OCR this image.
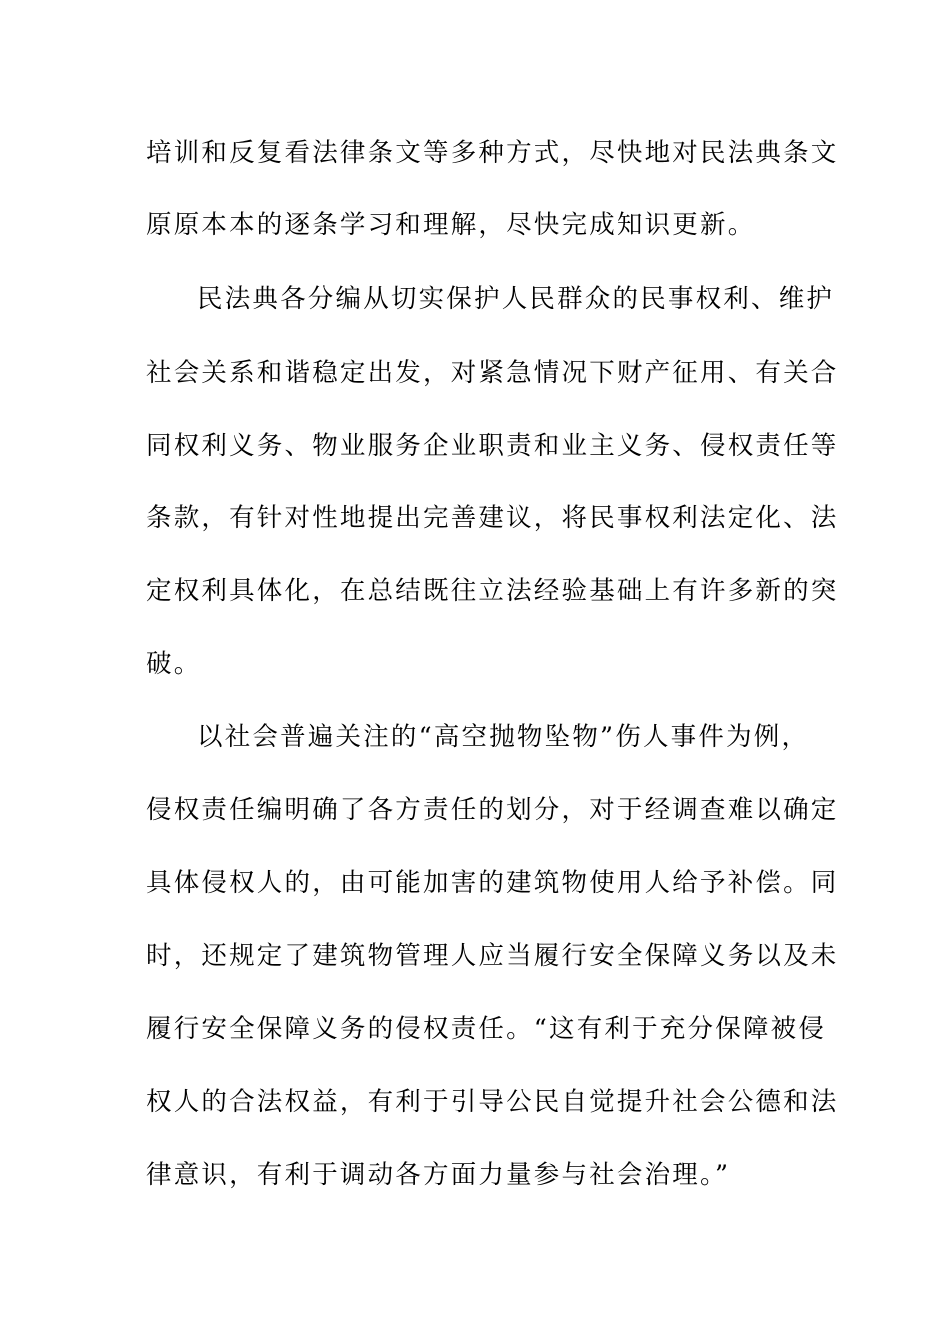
培训和反复看法律条文等多种方式，尽快地对民法典条文
原原本本的逐条学习和理解，尽快完成知识更新。
民法典各分编从切实保护人民群众的民事权利、维护
社会关系和谐稳定出发，对紧急情况下财产征用、有关合
同权利义务、物业服务企业职责和业主义务、侵权责任等
条款，有针对性地提出完善建议，将民事权利法定化、法
定权利具体化，在总结既往立法经验基础上有许多新的突
破。
以社会普遍关注的“高空抛物坠物”伤人事件为例，
侵权责任编明确了各方责任的划分，对于经调查难以确定
具体侵权人的，由可能加害的建筑物使用人给予补偿。同
时，还规定了建筑物管理人应当履行安全保障义务以及未
履行安全保障义务的侵权责任。“这有利于充分保障被侵
权人的合法权益，有利于引导公民自觉提升社会公德和法
律意识，有利于调动各方面力量参与社会治理。”
